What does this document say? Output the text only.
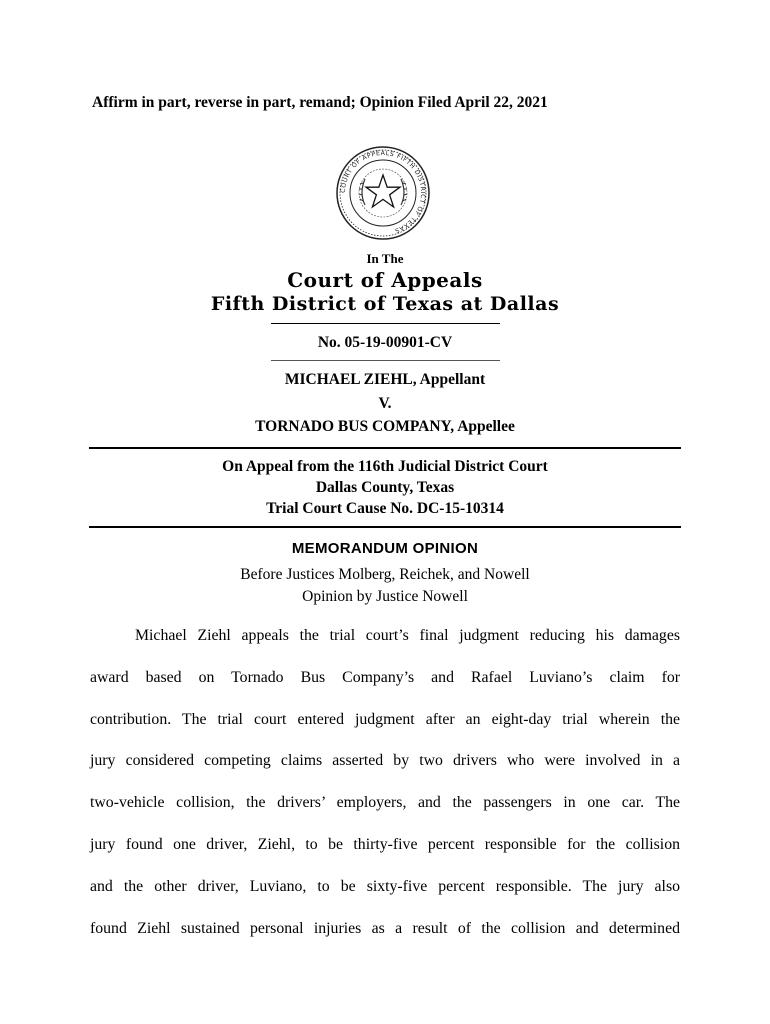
Affirm in part, reverse in part, remand; Opinion Filed April 22, 2021
COURT OF APPEALS FIFTH DISTRICT OF TEXAS
In The
Court of Appeals
Fifth District of Texas at Dallas
No. 05-19-00901-CV
MICHAEL ZIEHL, Appellant
V.
TORNADO BUS COMPANY, Appellee
On Appeal from the 116th Judicial District Court
Dallas County, Texas
Trial Court Cause No. DC-15-10314
MEMORANDUM OPINION
Before Justices Molberg, Reichek, and Nowell
Opinion by Justice Nowell
Michael Ziehl appeals the trial court’s final judgment reducing his damages
award based on Tornado Bus Company’s and Rafael Luviano’s claim for
contribution. The trial court entered judgment after an eight-day trial wherein the
jury considered competing claims asserted by two drivers who were involved in a
two-vehicle collision, the drivers’ employers, and the passengers in one car. The
jury found one driver, Ziehl, to be thirty-five percent responsible for the collision
and the other driver, Luviano, to be sixty-five percent responsible. The jury also
found Ziehl sustained personal injuries as a result of the collision and determined
